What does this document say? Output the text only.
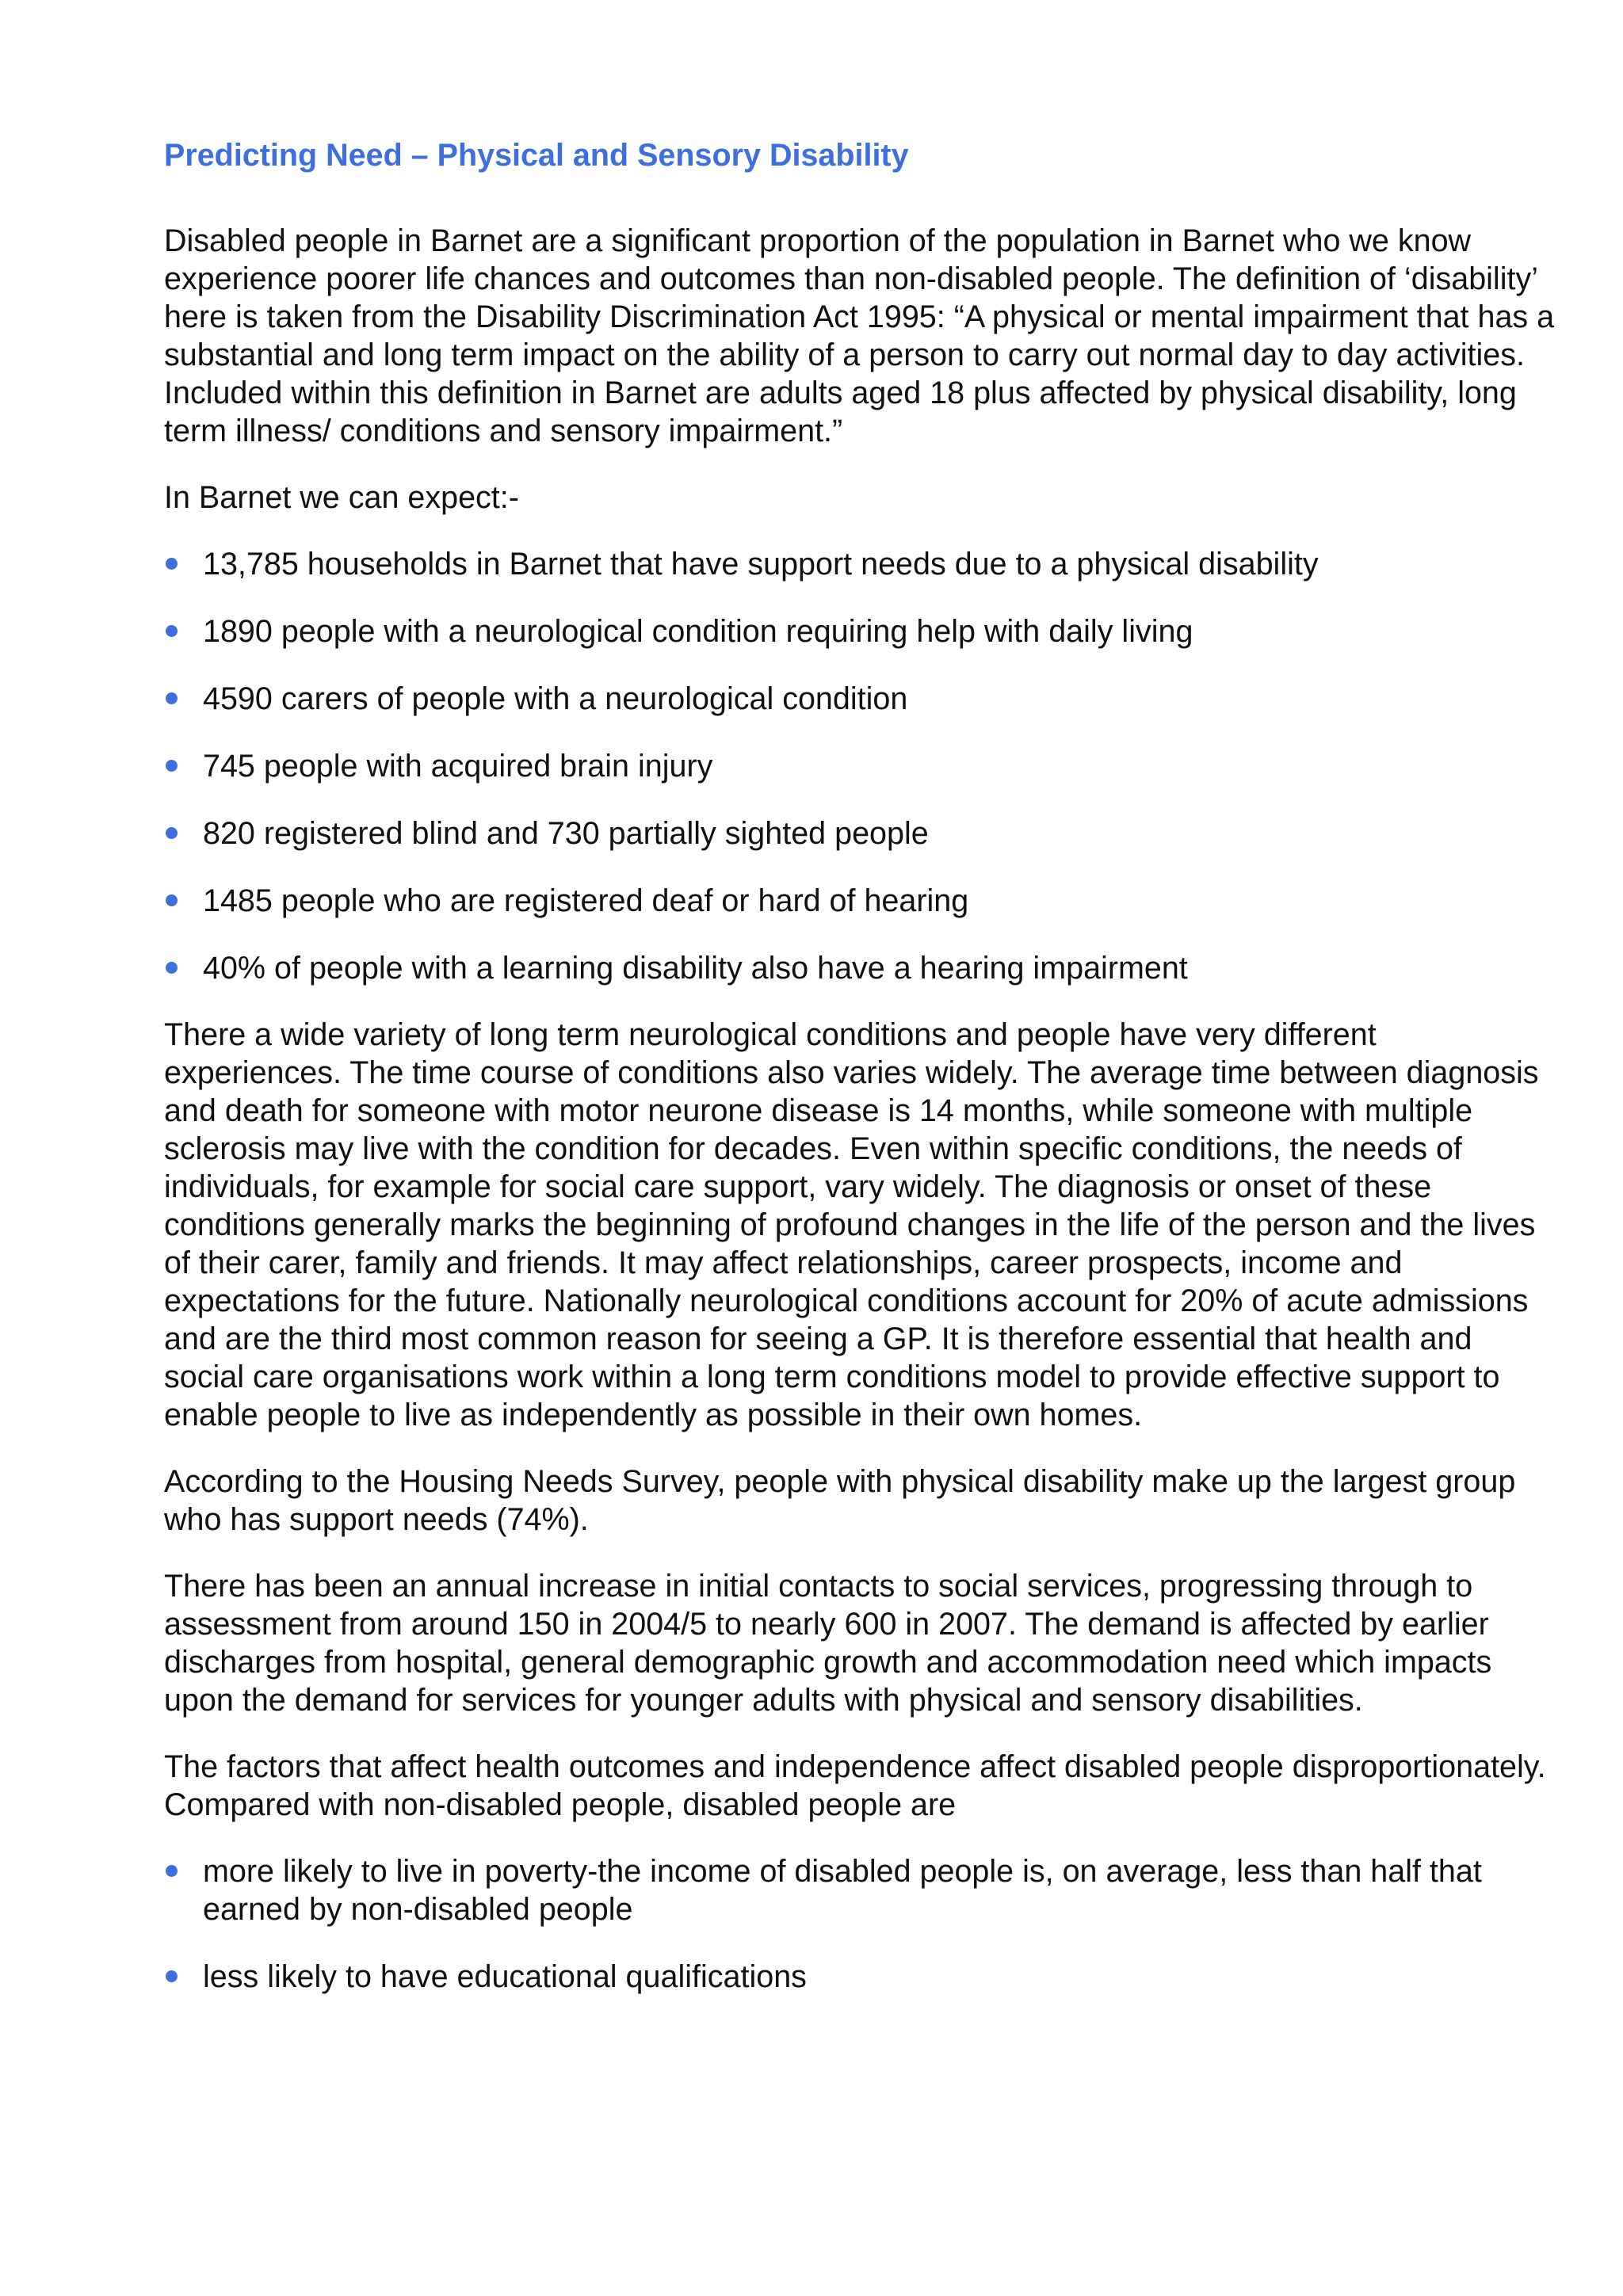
Predicting Need – Physical and Sensory Disability

Disabled people in Barnet are a significant proportion of the population in Barnet who we know experience poorer life chances and outcomes than non-disabled people. The definition of ‘disability’ here is taken from the Disability Discrimination Act 1995: “A physical or mental impairment that has a substantial and long term impact on the ability of a person to carry out normal day to day activities. Included within this definition in Barnet are adults aged 18 plus affected by physical disability, long term illness/ conditions and sensory impairment.”

In Barnet we can expect:-

13,785 households in Barnet that have support needs due to a physical disability
1890 people with a neurological condition requiring help with daily living
4590 carers of people with a neurological condition
745 people with acquired brain injury
820 registered blind and 730 partially sighted people
1485 people who are registered deaf or hard of hearing
40% of people with a learning disability also have a hearing impairment

There a wide variety of long term neurological conditions and people have very different experiences. The time course of conditions also varies widely. The average time between diagnosis and death for someone with motor neurone disease is 14 months, while someone with multiple sclerosis may live with the condition for decades. Even within specific conditions, the needs of individuals, for example for social care support, vary widely. The diagnosis or onset of these conditions generally marks the beginning of profound changes in the life of the person and the lives of their carer, family and friends. It may affect relationships, career prospects, income and expectations for the future. Nationally neurological conditions account for 20% of acute admissions and are the third most common reason for seeing a GP. It is therefore essential that health and social care organisations work within a long term conditions model to provide effective support to enable people to live as independently as possible in their own homes.

According to the Housing Needs Survey, people with physical disability make up the largest group who has support needs (74%).

There has been an annual increase in initial contacts to social services, progressing through to assessment from around 150 in 2004/5 to nearly 600 in 2007. The demand is affected by earlier discharges from hospital, general demographic growth and accommodation need which impacts upon the demand for services for younger adults with physical and sensory disabilities.

The factors that affect health outcomes and independence affect disabled people disproportionately. Compared with non-disabled people, disabled people are

more likely to live in poverty-the income of disabled people is, on average, less than half that earned by non-disabled people
less likely to have educational qualifications
